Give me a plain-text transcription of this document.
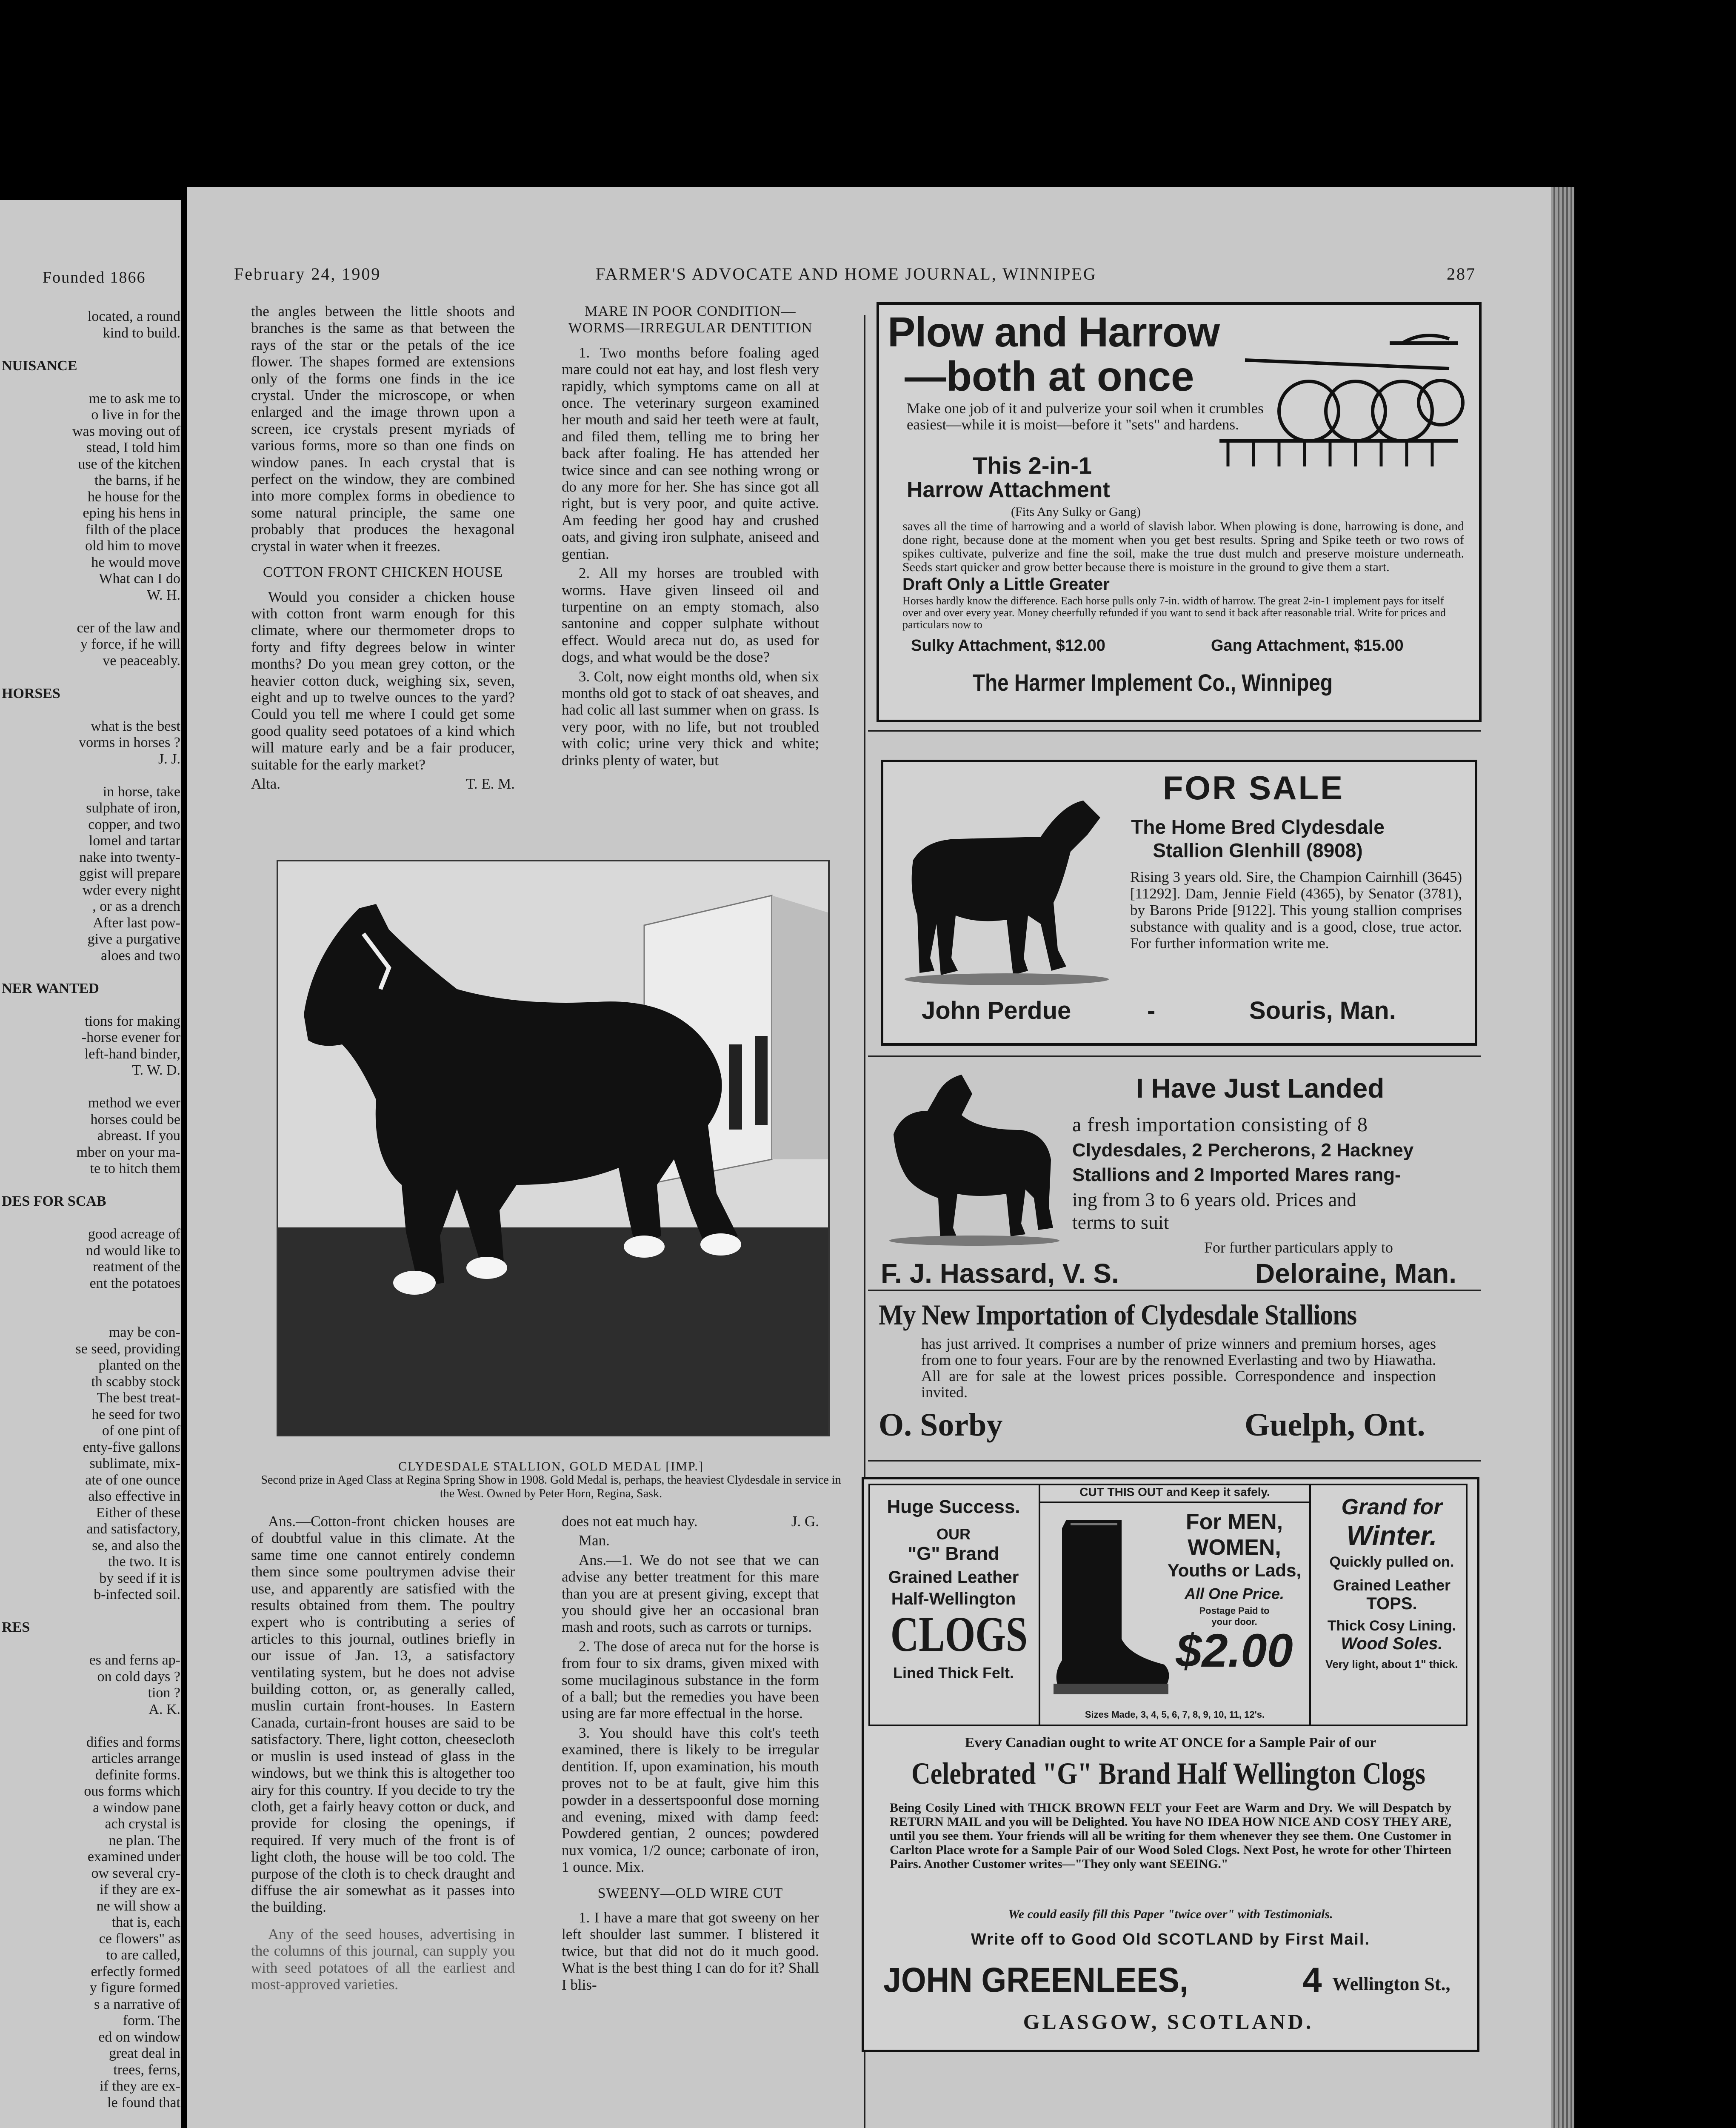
Founded 1866
located, a round
kind to build.

NUISANCE

me to ask me to
o live in for the
was moving out of
stead, I told him
use of the kitchen
the barns, if he
he house for the
eping his hens in
filth of the place
old him to move
he would move
What can I do
W. H.

cer of the law and
y force, if he will
ve peaceably.

HORSES

what is the best
vorms in horses ?
J. J.

in horse, take
sulphate of iron,
copper, and two
lomel and tartar
nake into twenty-
ggist will prepare
wder every night
, or as a drench
After last pow-
give a purgative
aloes and two

NER WANTED

tions for making
-horse evener for
left-hand binder,
T. W. D.

method we ever
horses could be
abreast. If you
mber on your ma-
te to hitch them

DES FOR SCAB

good acreage of
nd would like to
reatment of the
ent the potatoes

may be con-
se seed, providing
planted on the
th scabby stock
The best treat-
he seed for two
of one pint of
enty-five gallons
sublimate, mix-
ate of one ounce
also effective in
Either of these
and satisfactory,
se, and also the
the two. It is
by seed if it is
b-infected soil.

RES

es and ferns ap-
on cold days ?
tion ?
A. K.

difies and forms
articles arrange
definite forms.
ous forms which
a window pane
ach crystal is
ne plan. The
examined under
ow several cry-
if they are ex-
ne will show a
that is, each
ce flowers" as
to are called,
erfectly formed
y figure formed
s a narrative of
form. The
ed on window
great deal in
trees, ferns,
if they are ex-
le found that
February 24, 1909	FARMER'S ADVOCATE AND HOME JOURNAL, WINNIPEG	287

the angles between the little shoots and branches is the same as that between the rays of the star or the petals of the ice flower. The shapes formed are extensions only of the forms one finds in the ice crystal. Under the microscope, or when enlarged and the image thrown upon a screen, ice crystals present myriads of various forms, more so than one finds on window panes. In each crystal that is perfect on the window, they are combined into more complex forms in obedience to some natural principle, the same one probably that produces the hexagonal crystal in water when it freezes.

COTTON FRONT CHICKEN HOUSE

Would you consider a chicken house with cotton front warm enough for this climate, where our thermometer drops to forty and fifty degrees below in winter months? Do you mean grey cotton, or the heavier cotton duck, weighing six, seven, eight and up to twelve ounces to the yard? Could you tell me where I could get some good quality seed potatoes of a kind which will mature early and be a fair producer, suitable for the early market?

Alta.	T. E. M.

MARE IN POOR CONDITION—WORMS—IRREGULAR DENTITION

1. Two months before foaling aged mare could not eat hay, and lost flesh very rapidly, which symptoms came on all at once. The veterinary surgeon examined her mouth and said her teeth were at fault, and filed them, telling me to bring her back after foaling. He has attended her twice since and can see nothing wrong or do any more for her. She has since got all right, but is very poor, and quite active. Am feeding her good hay and crushed oats, and giving iron sulphate, aniseed and gentian.

2. All my horses are troubled with worms. Have given linseed oil and turpentine on an empty stomach, also santonine and copper sulphate without effect. Would areca nut do, as used for dogs, and what would be the dose?

3. Colt, now eight months old, when six months old got to stack of oat sheaves, and had colic all last summer when on grass. Is very poor, with no life, but not troubled with colic; urine very thick and white; drinks plenty of water, but

CLYDESDALE STALLION, GOLD MEDAL [IMP.]
Second prize in Aged Class at Regina Spring Show in 1908. Gold Medal is, perhaps, the heaviest Clydesdale in service in the West. Owned by Peter Horn, Regina, Sask.

Ans.—Cotton-front chicken houses are of doubtful value in this climate. At the same time one cannot entirely condemn them since some poultrymen advise their use, and apparently are satisfied with the results obtained from them. The poultry expert who is contributing a series of articles to this journal, outlines briefly in our issue of Jan. 13, a satisfactory ventilating system, but he does not advise building cotton, or, as generally called, muslin curtain front-houses. In Eastern Canada, curtain-front houses are said to be satisfactory. There, light cotton, cheesecloth or muslin is used instead of glass in the windows, but we think this is altogether too airy for this country. If you decide to try the cloth, get a fairly heavy cotton or duck, and provide for closing the openings, if required. If very much of the front is of light cloth, the house will be too cold. The purpose of the cloth is to check draught and diffuse the air somewhat as it passes into the building.

Any of the seed houses, advertising in the columns of this journal, can supply you with seed potatoes of all the earliest and most-approved varieties.

does not eat much hay.	J. G.

Man.

Ans.—1. We do not see that we can advise any better treatment for this mare than you are at present giving, except that you should give her an occasional bran mash and roots, such as carrots or turnips.

2. The dose of areca nut for the horse is from four to six drams, given mixed with some mucilaginous substance in the form of a ball; but the remedies you have been using are far more effectual in the horse.

3. You should have this colt's teeth examined, there is likely to be irregular dentition. If, upon examination, his mouth proves not to be at fault, give him this powder in a dessertspoonful dose morning and evening, mixed with damp feed: Powdered gentian, 2 ounces; powdered nux vomica, 1/2 ounce; carbonate of iron, 1 ounce. Mix.

SWEENY—OLD WIRE CUT

1. I have a mare that got sweeny on her left shoulder last summer. I blistered it twice, but that did not do it much good. What is the best thing I can do for it? Shall I blis-

Plow and Harrow
—both at once
Make one job of it and pulverize your soil when it crumbles easiest—while it is moist—before it "sets" and hardens.
This 2-in-1
Harrow Attachment
(Fits Any Sulky or Gang)
saves all the time of harrowing and a world of slavish labor. When plowing is done, harrowing is done, and done right, because done at the moment when you get best results. Spring and Spike teeth or two rows of spikes cultivate, pulverize and fine the soil, make the true dust mulch and preserve moisture underneath. Seeds start quicker and grow better because there is moisture in the ground to give them a start.
Draft Only a Little Greater
Horses hardly know the difference. Each horse pulls only 7-in. width of harrow. The great 2-in-1 implement pays for itself over and over every year. Money cheerfully refunded if you want to send it back after reasonable trial. Write for prices and particulars now to
Sulky Attachment, $12.00	Gang Attachment, $15.00
The Harmer Implement Co., Winnipeg
FOR SALE
The Home Bred Clydesdale
Stallion Glenhill (8908)
Rising 3 years old. Sire, the Champion Cairnhill (3645) [11292]. Dam, Jennie Field (4365), by Senator (3781), by Barons Pride [9122]. This young stallion comprises substance with quality and is a good, close, true actor. For further information write me.
John Perdue	-	Souris, Man.
I Have Just Landed
a fresh importation consisting of 8
Clydesdales, 2 Percherons, 2 Hackney
Stallions and 2 Imported Mares rang-
ing from 3 to 6 years old. Prices and
terms to suit
For further particulars apply to
F. J. Hassard, V. S.	Deloraine, Man.
My New Importation of Clydesdale Stallions
has just arrived. It comprises a number of prize winners and premium horses, ages from one to four years. Four are by the renowned Everlasting and two by Hiawatha. All are for sale at the lowest prices possible. Correspondence and inspection invited.
O. Sorby	Guelph, Ont.
CUT THIS OUT and Keep it safely.
Huge Success.
OUR
"G" Brand
Grained Leather
Half-Wellington
CLOGS
Lined Thick Felt.
For MEN,
WOMEN,
Youths or Lads,
All One Price.
Postage Paid to your door.
$2.00
Sizes Made, 3, 4, 5, 6, 7, 8, 9, 10, 11, 12's.
Grand for
Winter.
Quickly pulled on.
Grained Leather
TOPS.
Thick Cosy Lining.
Wood Soles.
Very light, about 1" thick.
Every Canadian ought to write AT ONCE for a Sample Pair of our
Celebrated "G" Brand Half Wellington Clogs
Being Cosily Lined with THICK BROWN FELT your Feet are Warm and Dry. We will Despatch by RETURN MAIL and you will be Delighted. You have NO IDEA HOW NICE AND COSY THEY ARE, until you see them. Your friends will all be writing for them whenever they see them. One Customer in Carlton Place wrote for a Sample Pair of our Wood Soled Clogs. Next Post, he wrote for other Thirteen Pairs. Another Customer writes—"They only want SEEING."
We could easily fill this Paper "twice over" with Testimonials.
Write off to Good Old SCOTLAND by First Mail.
JOHN GREENLEES,	4 Wellington St.,
GLASGOW, SCOTLAND.
